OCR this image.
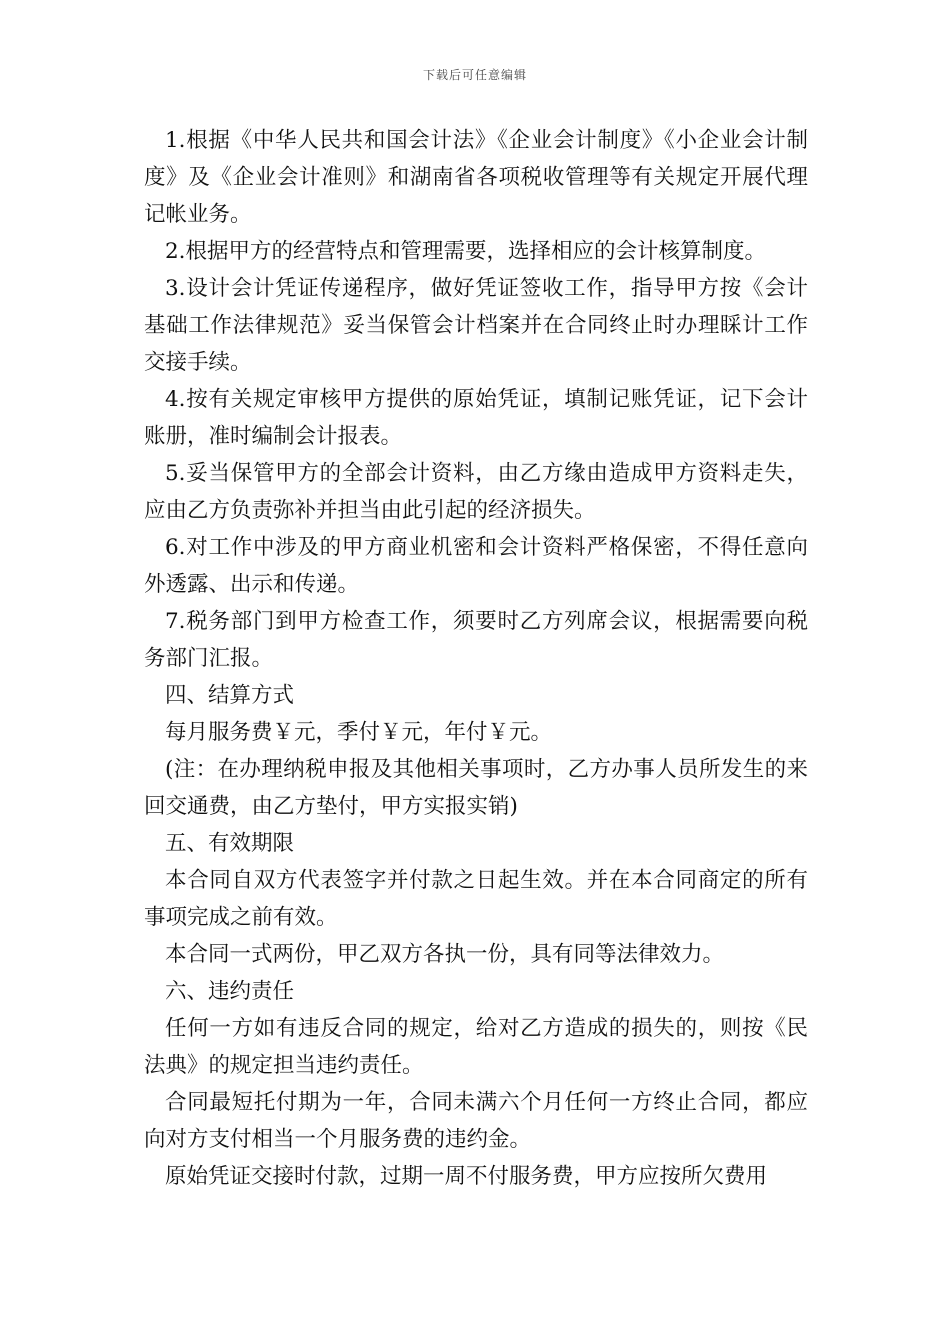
下载后可任意编辑

1.根据《中华人民共和国会计法》《企业会计制度》《小企业会计制度》及《企业会计准则》和湖南省各项税收管理等有关规定开展代理记帐业务。

2.根据甲方的经营特点和管理需要，选择相应的会计核算制度。

3.设计会计凭证传递程序，做好凭证签收工作，指导甲方按《会计基础工作法律规范》妥当保管会计档案并在合同终止时办理睬计工作交接手续。

4.按有关规定审核甲方提供的原始凭证，填制记账凭证，记下会计账册，准时编制会计报表。

5.妥当保管甲方的全部会计资料，由乙方缘由造成甲方资料走失，应由乙方负责弥补并担当由此引起的经济损失。

6.对工作中涉及的甲方商业机密和会计资料严格保密，不得任意向外透露、出示和传递。

7.税务部门到甲方检查工作，须要时乙方列席会议，根据需要向税务部门汇报。

四、结算方式

每月服务费￥元，季付￥元，年付￥元。

(注：在办理纳税申报及其他相关事项时，乙方办事人员所发生的来回交通费，由乙方垫付，甲方实报实销)

五、有效期限

本合同自双方代表签字并付款之日起生效。并在本合同商定的所有事项完成之前有效。

本合同一式两份，甲乙双方各执一份，具有同等法律效力。

六、违约责任

任何一方如有违反合同的规定，给对乙方造成的损失的，则按《民法典》的规定担当违约责任。

合同最短托付期为一年，合同未满六个月任何一方终止合同，都应向对方支付相当一个月服务费的违约金。

原始凭证交接时付款，过期一周不付服务费，甲方应按所欠费用
